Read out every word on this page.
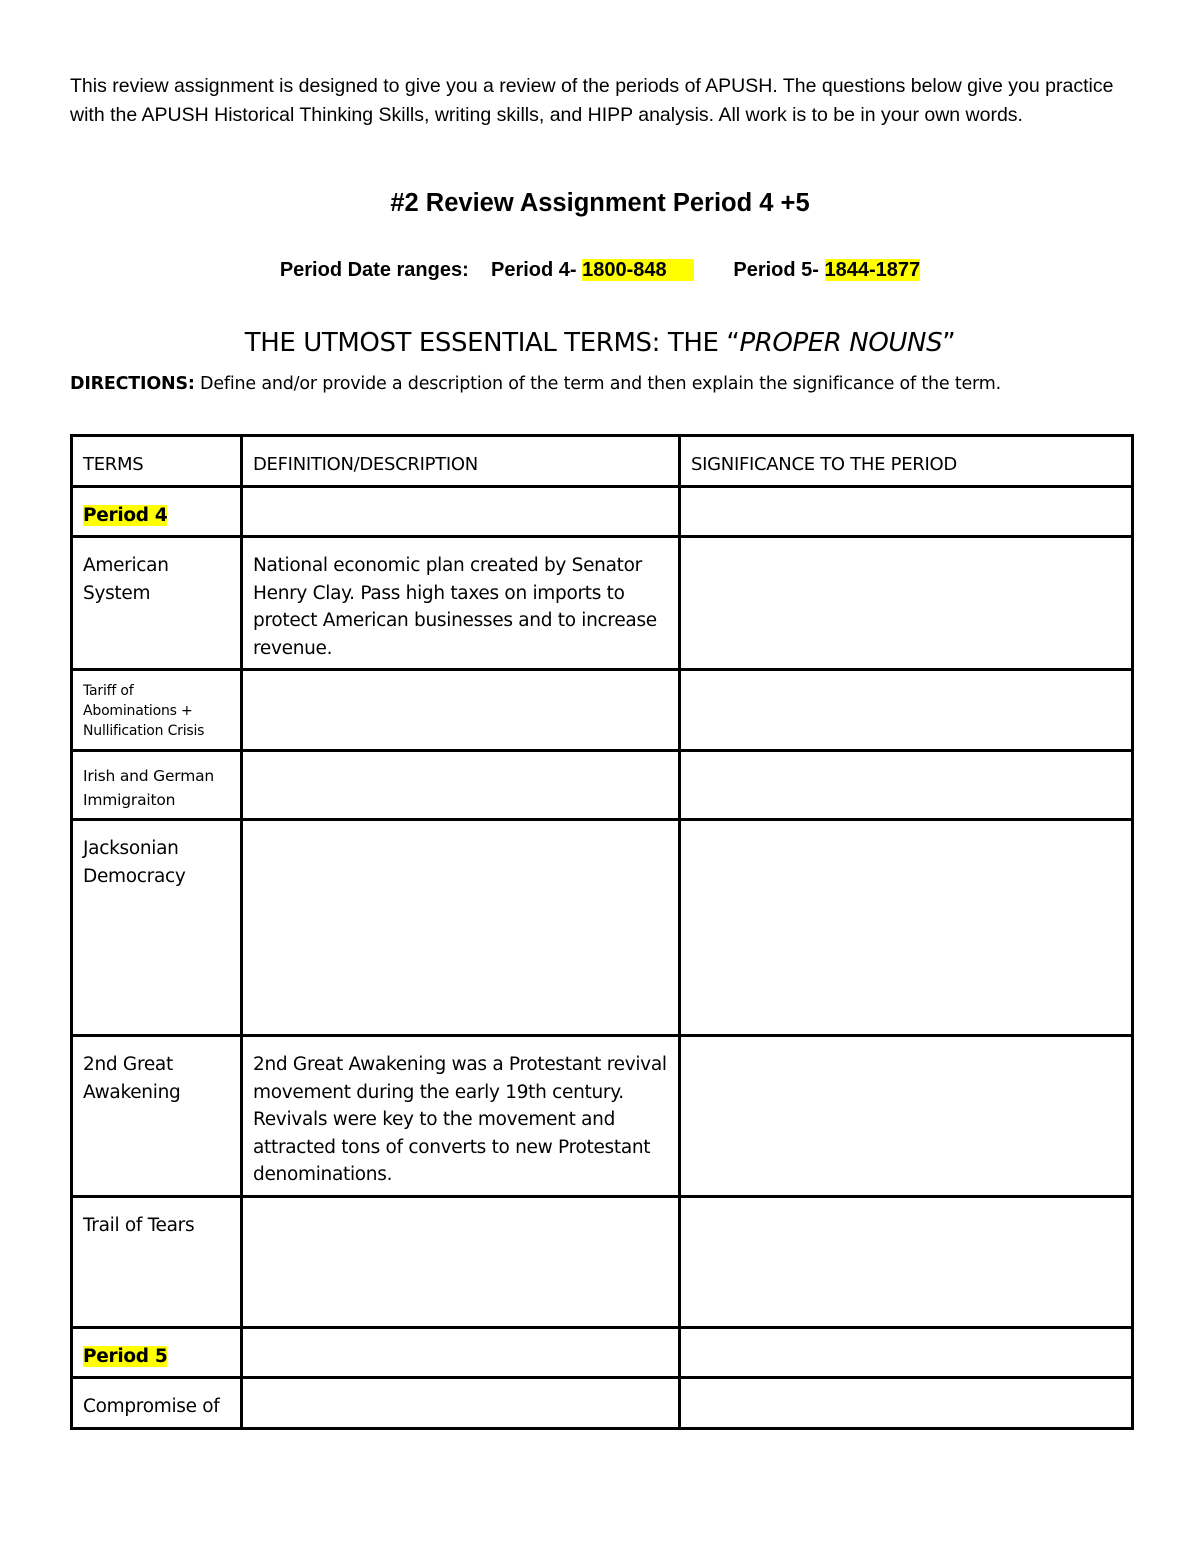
This review assignment is designed to give you a review of the periods of APUSH. The questions below give you practice with the APUSH Historical Thinking Skills, writing skills, and HIPP analysis. All work is to be in your own words.
#2 Review Assignment Period 4 +5
Period Date ranges: Period 4- 1800-848	Period 5- 1844-1877
THE UTMOST ESSENTIAL TERMS: THE “PROPER NOUNS”
DIRECTIONS: Define and/or provide a description of the term and then explain the significance of the term.
TERMS	DEFINITION/DESCRIPTION	SIGNIFICANCE TO THE PERIOD
Period 4		
American System	National economic plan created by Senator Henry Clay. Pass high taxes on imports to protect American businesses and to increase revenue.	
Tariff of Abominations + Nullification Crisis		
Irish and German Immigraiton		
Jacksonian Democracy		
2nd Great Awakening	2nd Great Awakening was a Protestant revival movement during the early 19th century. Revivals were key to the movement and attracted tons of converts to new Protestant denominations.	
Trail of Tears		
Period 5		
Compromise of		
